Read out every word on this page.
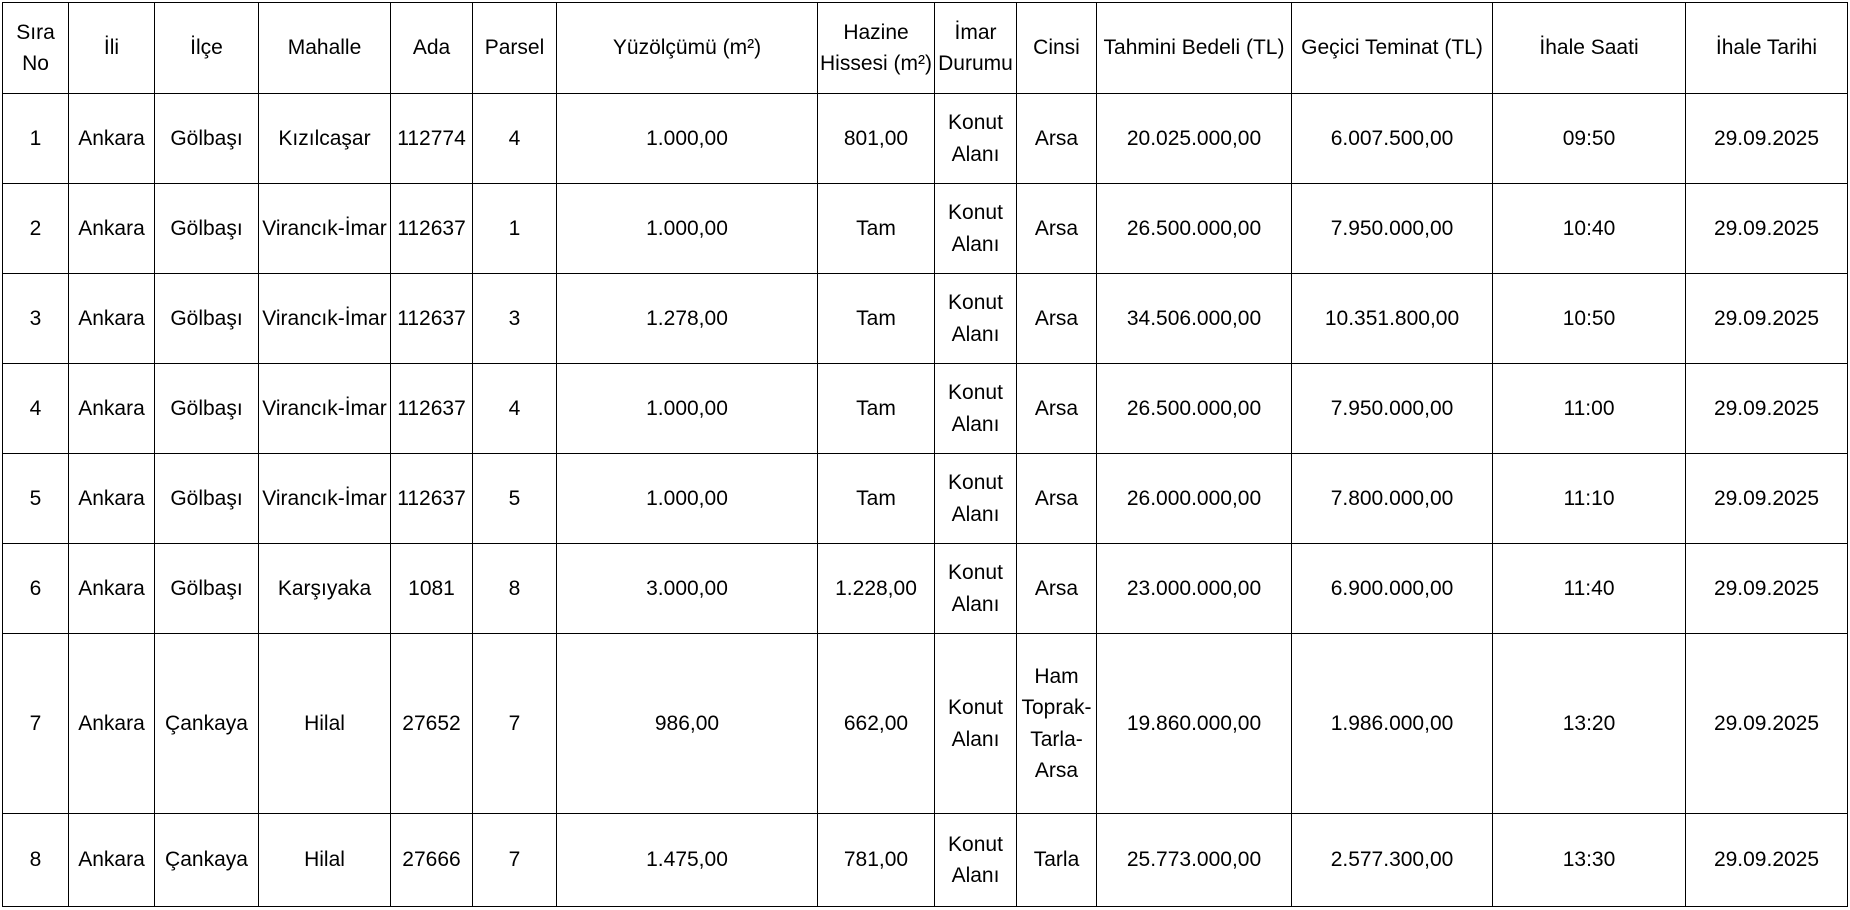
Sıra No	İli	İlçe	Mahalle	Ada	Parsel	Yüzölçümü (m²)	Hazine Hissesi (m²)	İmar Durumu	Cinsi	Tahmini Bedeli (TL)	Geçici Teminat (TL)	İhale Saati	İhale Tarihi
1	Ankara	Gölbaşı	Kızılcaşar	112774	4	1.000,00	801,00	Konut Alanı	Arsa	20.025.000,00	6.007.500,00	09:50	29.09.2025
2	Ankara	Gölbaşı	Virancık-İmar	112637	1	1.000,00	Tam	Konut Alanı	Arsa	26.500.000,00	7.950.000,00	10:40	29.09.2025
3	Ankara	Gölbaşı	Virancık-İmar	112637	3	1.278,00	Tam	Konut Alanı	Arsa	34.506.000,00	10.351.800,00	10:50	29.09.2025
4	Ankara	Gölbaşı	Virancık-İmar	112637	4	1.000,00	Tam	Konut Alanı	Arsa	26.500.000,00	7.950.000,00	11:00	29.09.2025
5	Ankara	Gölbaşı	Virancık-İmar	112637	5	1.000,00	Tam	Konut Alanı	Arsa	26.000.000,00	7.800.000,00	11:10	29.09.2025
6	Ankara	Gölbaşı	Karşıyaka	1081	8	3.000,00	1.228,00	Konut Alanı	Arsa	23.000.000,00	6.900.000,00	11:40	29.09.2025
7	Ankara	Çankaya	Hilal	27652	7	986,00	662,00	Konut Alanı	Ham Toprak-Tarla-Arsa	19.860.000,00	1.986.000,00	13:20	29.09.2025
8	Ankara	Çankaya	Hilal	27666	7	1.475,00	781,00	Konut Alanı	Tarla	25.773.000,00	2.577.300,00	13:30	29.09.2025
